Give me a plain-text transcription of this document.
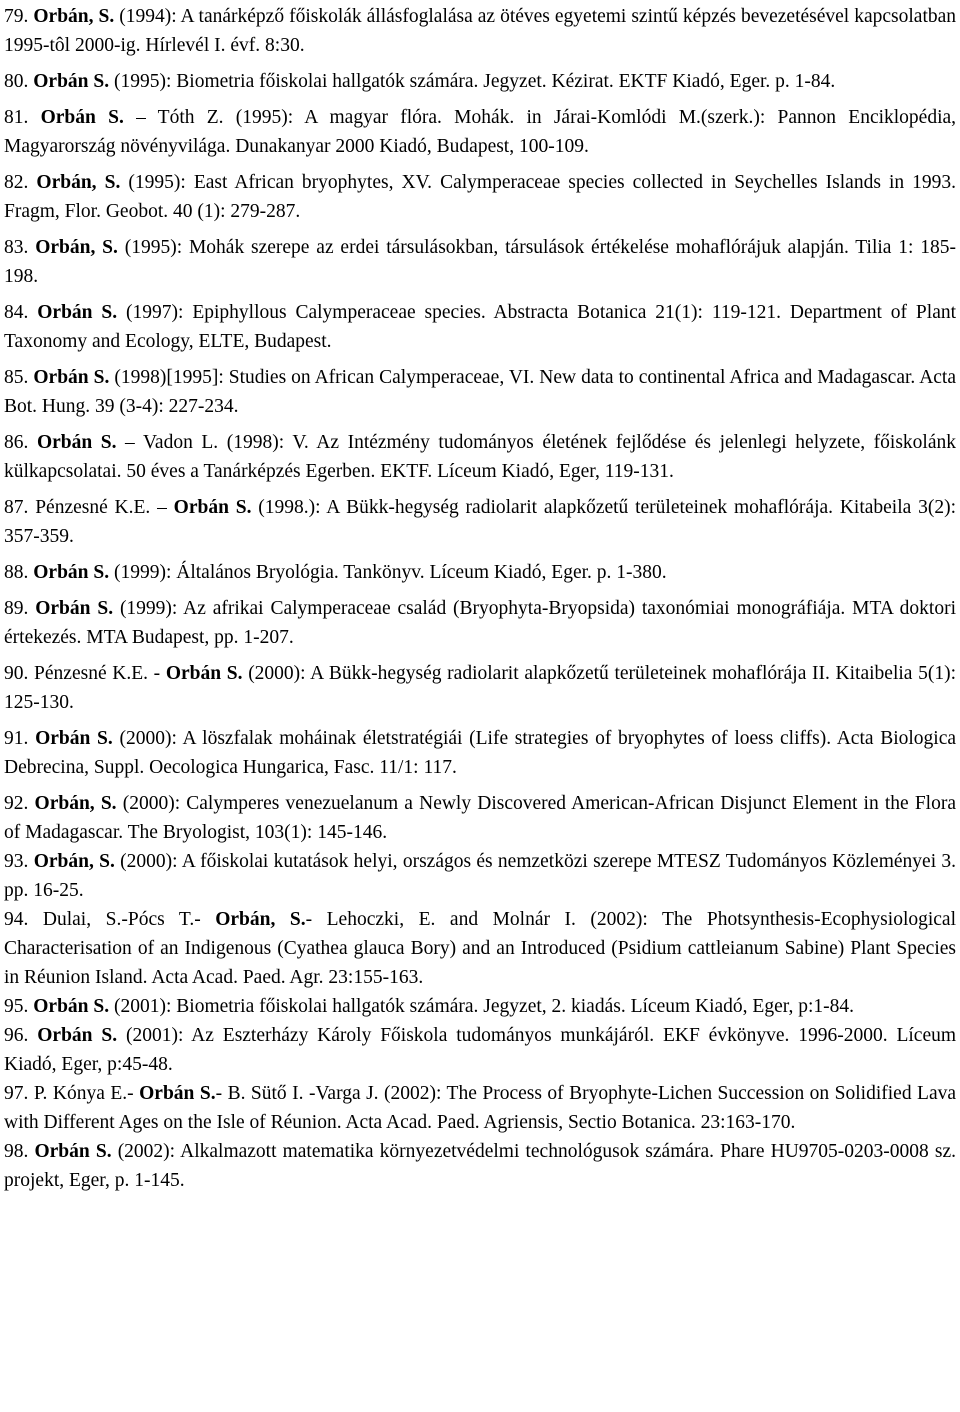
79. Orbán, S. (1994): A tanárképző főiskolák állásfoglalása az ötéves egyetemi szintű képzés bevezetésével kapcsolatban 1995-tôl 2000-ig. Hírlevél I. évf. 8:30.

80. Orbán S. (1995): Biometria főiskolai hallgatók számára. Jegyzet. Kézirat. EKTF Kiadó, Eger. p. 1-84.

81. Orbán S. – Tóth Z. (1995): A magyar flóra. Mohák. in Járai-Komlódi M.(szerk.): Pannon Enciklopédia, Magyarország növényvilága. Dunakanyar 2000 Kiadó, Budapest, 100-109.

82. Orbán, S. (1995): East African bryophytes, XV. Calymperaceae species collected in Seychelles Islands in 1993. Fragm, Flor. Geobot. 40 (1): 279-287.

83. Orbán, S. (1995): Mohák szerepe az erdei társulásokban, társulások értékelése mohaflórájuk alapján. Tilia 1: 185-198.

84. Orbán S. (1997): Epiphyllous Calymperaceae species. Abstracta Botanica 21(1): 119-121. Department of Plant Taxonomy and Ecology, ELTE, Budapest.

85. Orbán S. (1998)[1995]: Studies on African Calymperaceae, VI. New data to continental Africa and Madagascar. Acta Bot. Hung. 39 (3-4): 227-234.

86. Orbán S. – Vadon L. (1998): V. Az Intézmény tudományos életének fejlődése és jelenlegi helyzete, főiskolánk külkapcsolatai. 50 éves a Tanárképzés Egerben. EKTF. Líceum Kiadó, Eger, 119-131.

87. Pénzesné K.E. – Orbán S. (1998.): A Bükk-hegység radiolarit alapkőzetű területeinek mohaflórája. Kitabeila 3(2): 357-359.

88. Orbán S. (1999): Általános Bryológia. Tankönyv. Líceum Kiadó, Eger. p. 1-380.

89. Orbán S. (1999): Az afrikai Calymperaceae család (Bryophyta-Bryopsida) taxonómiai monográfiája. MTA doktori értekezés. MTA Budapest, pp. 1-207.

90. Pénzesné K.E. - Orbán S. (2000): A Bükk-hegység radiolarit alapkőzetű területeinek mohaflórája II. Kitaibelia 5(1): 125-130.

91. Orbán S. (2000): A löszfalak moháinak életstratégiái (Life strategies of bryophytes of loess cliffs). Acta Biologica Debrecina, Suppl. Oecologica Hungarica, Fasc. 11/1: 117.

92. Orbán, S. (2000): Calymperes venezuelanum a Newly Discovered American-African Disjunct Element in the Flora of Madagascar. The Bryologist, 103(1): 145-146.

93. Orbán, S. (2000): A főiskolai kutatások helyi, országos és nemzetközi szerepe MTESZ Tudományos Közleményei 3. pp. 16-25.

94. Dulai, S.-Pócs T.- Orbán, S.- Lehoczki, E. and Molnár I. (2002): The Photsynthesis-Ecophysiological Characterisation of an Indigenous (Cyathea glauca Bory) and an Introduced (Psidium cattleianum Sabine) Plant Species in Réunion Island. Acta Acad. Paed. Agr. 23:155-163.

95. Orbán S. (2001): Biometria főiskolai hallgatók számára. Jegyzet, 2. kiadás. Líceum Kiadó, Eger, p:1-84.

96. Orbán S. (2001): Az Eszterházy Károly Főiskola tudományos munkájáról. EKF évkönyve. 1996-2000. Líceum Kiadó, Eger, p:45-48.

97. P. Kónya E.- Orbán S.- B. Sütő I. -Varga J. (2002): The Process of Bryophyte-Lichen Succession on Solidified Lava with Different Ages on the Isle of Réunion. Acta Acad. Paed. Agriensis, Sectio Botanica. 23:163-170.

98. Orbán S. (2002): Alkalmazott matematika környezetvédelmi technológusok számára. Phare HU9705-0203-0008 sz. projekt, Eger, p. 1-145.
